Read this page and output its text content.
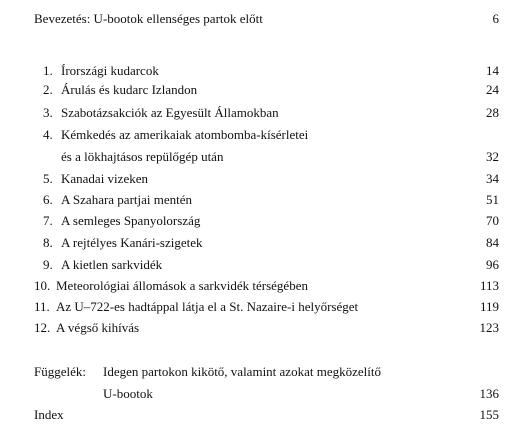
Bevezetés: U-bootok ellenséges partok előtt	6
1. Írországi kudarcok	14
2. Árulás és kudarc Izlandon	24
3. Szabotázsakciók az Egyesült Államokban	28
4. Kémkedés az amerikaiak atombomba-kísérletei
és a lökhajtásos repülőgép után	32
5. Kanadai vizeken	34
6. A Szahara partjai mentén	51
7. A semleges Spanyolország	70
8. A rejtélyes Kanári-szigetek	84
9. A kietlen sarkvidék	96
10. Meteorológiai állomások a sarkvidék térségében	113
11. Az U–722-es hadtáppal látja el a St. Nazaire-i helyőrséget	119
12. A végső kihívás	123
Függelék: Idegen partokon kikötő, valamint azokat megközelítő
U-bootok	136
Index	155
